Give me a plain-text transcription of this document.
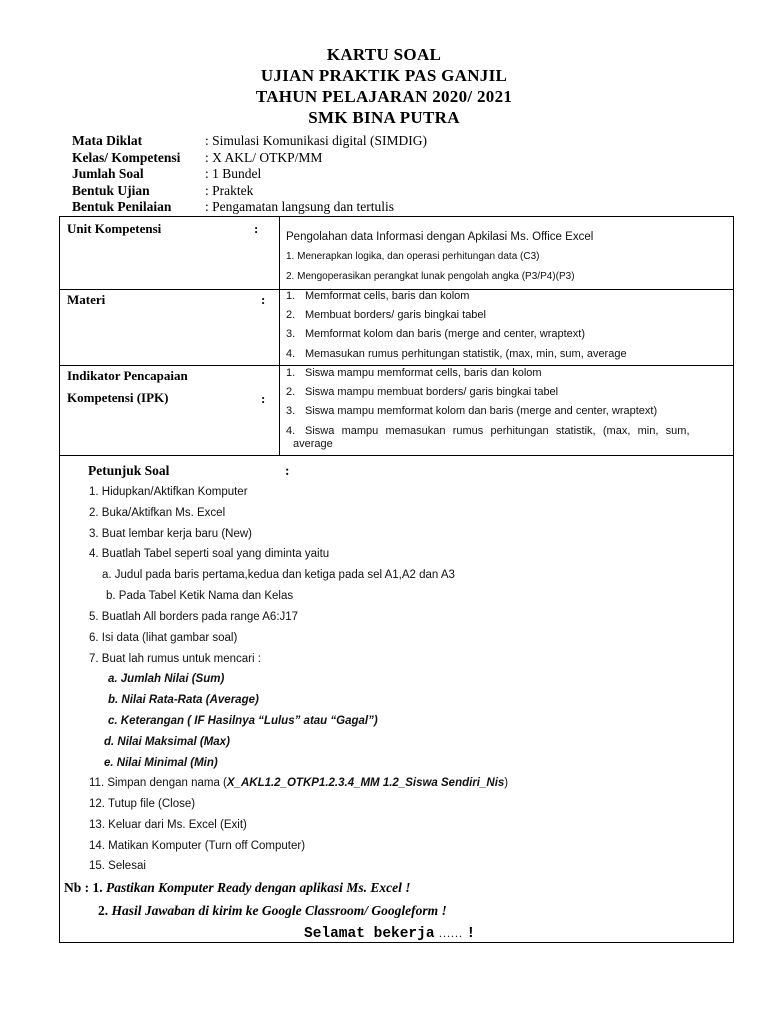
KARTU SOAL
UJIAN PRAKTIK PAS GANJIL
TAHUN PELAJARAN 2020/ 2021
SMK BINA PUTRA
Mata Diklat	: Simulasi Komunikasi digital (SIMDIG)
Kelas/ Kompetensi : X AKL/ OTKP/MM
Jumlah Soal	: 1 Bundel
Bentuk Ujian	: Praktek
Bentuk Penilaian : Pengamatan langsung dan tertulis
Unit Kompetensi	:
Pengolahan data Informasi dengan Apkilasi Ms. Office Excel
1. Menerapkan logika, dan operasi perhitungan data (C3)
2. Mengoperasikan perangkat lunak pengolah angka (P3/P4)(P3)
Materi	: 1. Memformat cells, baris dan kolom
2. Membuat borders/ garis bingkai tabel
3. Memformat kolom dan baris (merge and center, wraptext)
4. Memasukan rumus perhitungan statistik, (max, min, sum, average
Indikator Pencapaian
Kompetensi (IPK)	:
1. Siswa mampu memformat cells, baris dan kolom
2. Siswa mampu membuat borders/ garis bingkai tabel
3. Siswa mampu memformat kolom dan baris (merge and center, wraptext)
4. Siswa mampu memasukan rumus perhitungan statistik, (max, min, sum,
average
Petunjuk Soal	:
1. Hidupkan/Aktifkan Komputer
2. Buka/Aktifkan Ms. Excel
3. Buat lembar kerja baru (New)
4. Buatlah Tabel seperti soal yang diminta yaitu
a. Judul pada baris pertama,kedua dan ketiga pada sel A1,A2 dan A3
b. Pada Tabel Ketik Nama dan Kelas
5. Buatlah All borders pada range A6:J17
6. Isi data (lihat gambar soal)
7. Buat lah rumus untuk mencari :
a. Jumlah Nilai (Sum)
b. Nilai Rata-Rata (Average)
c. Keterangan ( IF Hasilnya “Lulus” atau “Gagal”)
d. Nilai Maksimal (Max)
e. Nilai Minimal (Min)
11. Simpan dengan nama (X_AKL1.2_OTKP1.2.3.4_MM 1.2_Siswa Sendiri_Nis)
12. Tutup file (Close)
13. Keluar dari Ms. Excel (Exit)
14. Matikan Komputer (Turn off Computer)
15. Selesai
Nb : 1. Pastikan Komputer Ready dengan aplikasi Ms. Excel !
2. Hasil Jawaban di kirim ke Google Classroom/ Googleform !
Selamat bekerja …… !
